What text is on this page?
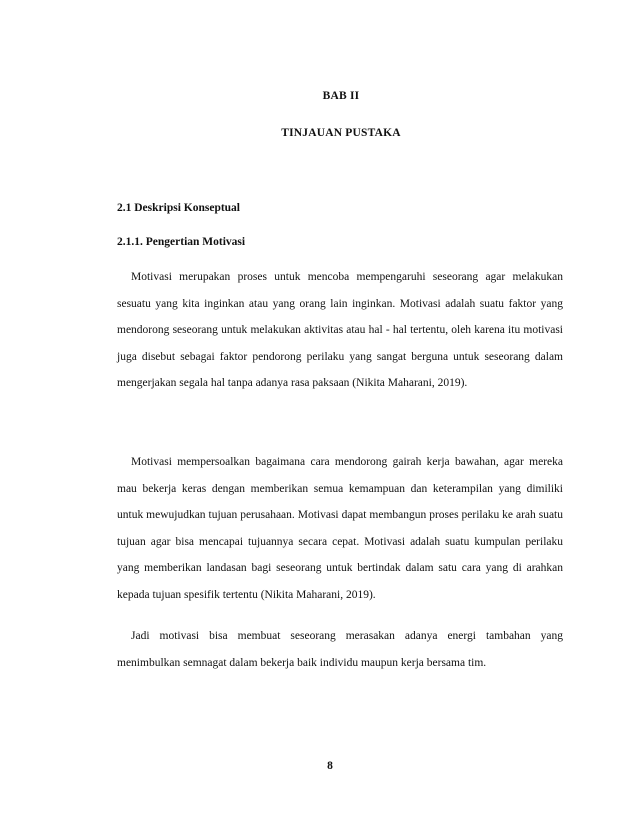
BAB II
TINJAUAN PUSTAKA
2.1 Deskripsi Konseptual
2.1.1. Pengertian Motivasi

Motivasi merupakan proses untuk mencoba mempengaruhi seseorang agar melakukan sesuatu yang kita inginkan atau yang orang lain inginkan. Motivasi adalah suatu faktor yang mendorong seseorang untuk melakukan aktivitas atau hal - hal tertentu, oleh karena itu motivasi juga disebut sebagai faktor pendorong perilaku yang sangat berguna untuk seseorang dalam mengerjakan segala hal tanpa adanya rasa paksaan (Nikita Maharani, 2019).

Motivasi mempersoalkan bagaimana cara mendorong gairah kerja bawahan, agar mereka mau bekerja keras dengan memberikan semua kemampuan dan keterampilan yang dimiliki untuk mewujudkan tujuan perusahaan. Motivasi dapat membangun proses perilaku ke arah suatu tujuan agar bisa mencapai tujuannya secara cepat. Motivasi adalah suatu kumpulan perilaku yang memberikan landasan bagi seseorang untuk bertindak dalam satu cara yang di arahkan kepada tujuan spesifik tertentu (Nikita Maharani, 2019).

Jadi motivasi bisa membuat seseorang merasakan adanya energi tambahan yang menimbulkan semnagat dalam bekerja baik individu maupun kerja bersama tim.

8
